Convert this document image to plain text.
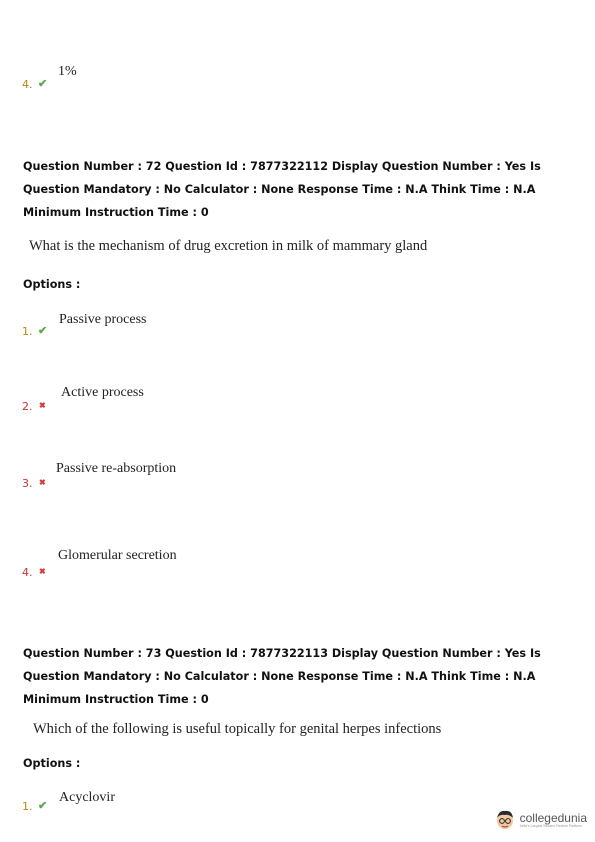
4. ✔
1%
Question Number : 72 Question Id : 7877322112 Display Question Number : Yes Is Question Mandatory : No Calculator : None Response Time : N.A Think Time : N.A Minimum Instruction Time : 0
What is the mechanism of drug excretion in milk of mammary gland
Options :
1. ✔
Passive process
2. ✖
Active process
3. ✖
Passive re-absorption
4. ✖
Glomerular secretion
Question Number : 73 Question Id : 7877322113 Display Question Number : Yes Is Question Mandatory : No Calculator : None Response Time : N.A Think Time : N.A Minimum Instruction Time : 0
Which of the following is useful topically for genital herpes infections
Options :
1. ✔
Acyclovir
collegedunia
India's Largest Student Review Platform
